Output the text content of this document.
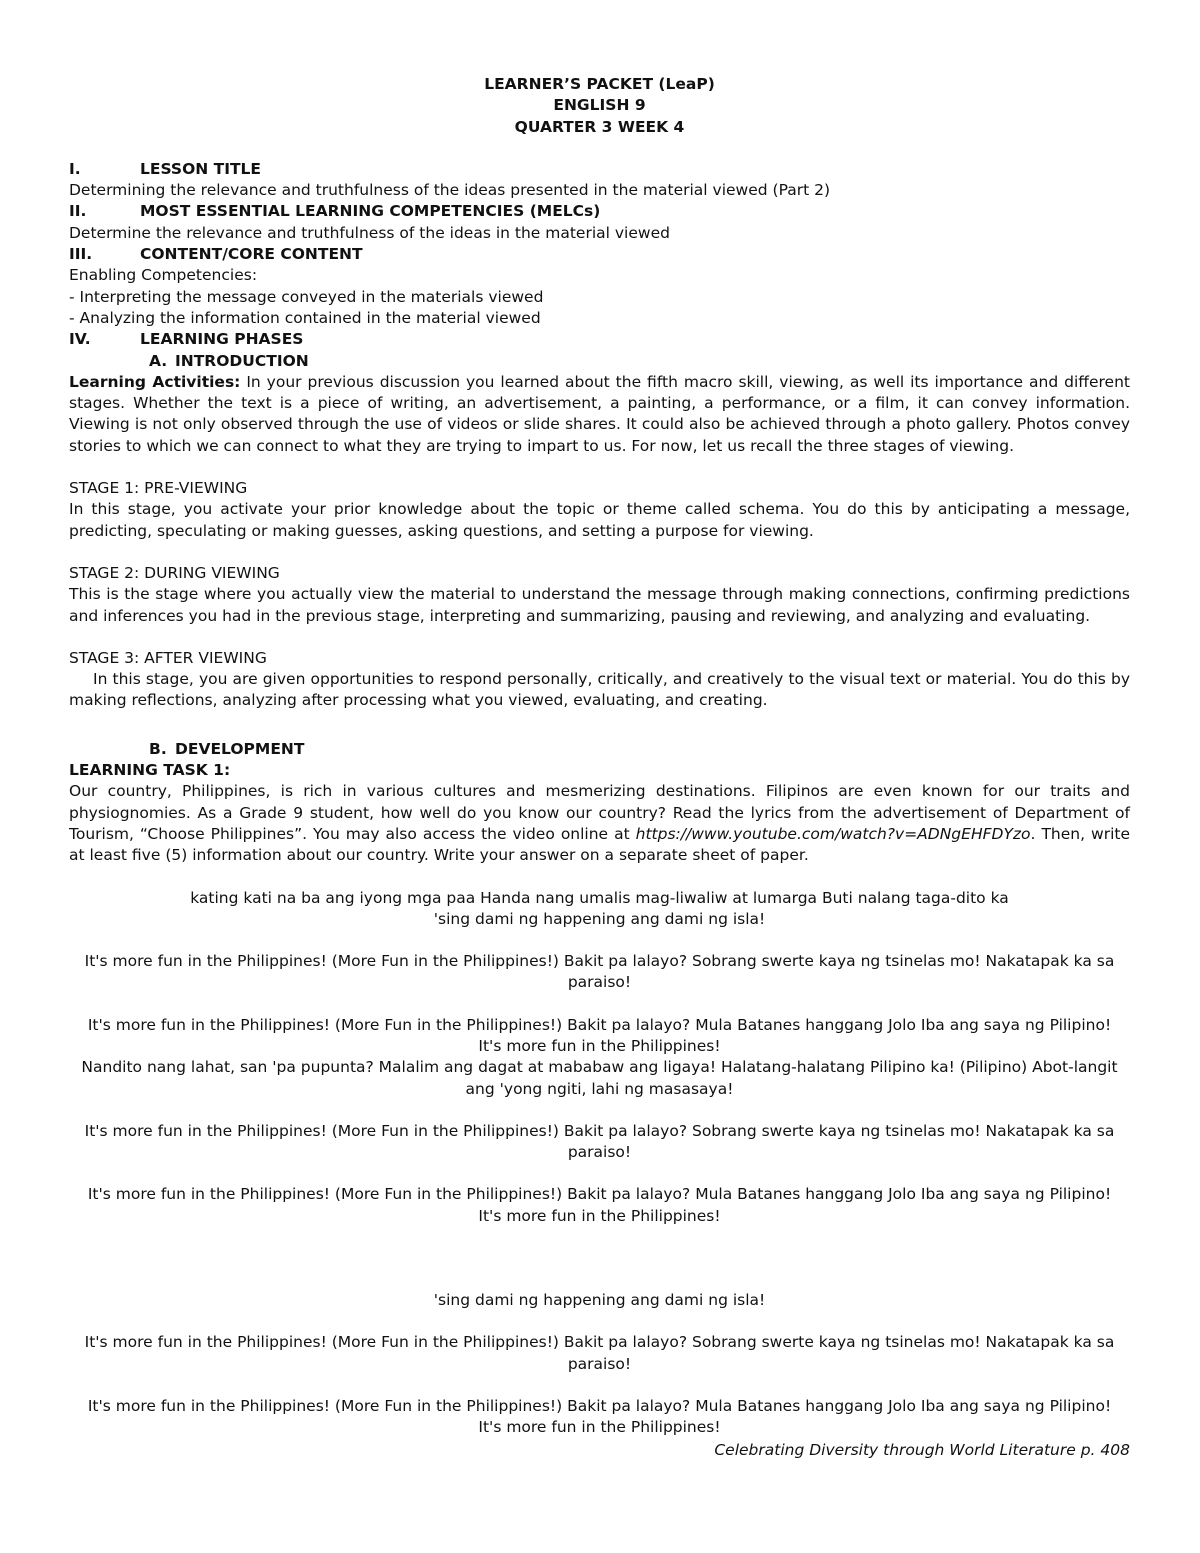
LEARNER’S PACKET (LeaP)

ENGLISH 9

QUARTER 3 WEEK 4

I.	LESSON TITLE

Determining the relevance and truthfulness of the ideas presented in the material viewed (Part 2)

II.	MOST ESSENTIAL LEARNING COMPETENCIES (MELCs)

Determine the relevance and truthfulness of the ideas in the material viewed

III.	CONTENT/CORE CONTENT

Enabling Competencies:

- Interpreting the message conveyed in the materials viewed

- Analyzing the information contained in the material viewed

IV.	LEARNING PHASES

A. INTRODUCTION

Learning Activities: In your previous discussion you learned about the fifth macro skill, viewing, as well its importance and different stages. Whether the text is a piece of writing, an advertisement, a painting, a performance, or a film, it can convey information. Viewing is not only observed through the use of videos or slide shares. It could also be achieved through a photo gallery. Photos convey stories to which we can connect to what they are trying to impart to us. For now, let us recall the three stages of viewing.

STAGE 1: PRE-VIEWING

In this stage, you activate your prior knowledge about the topic or theme called schema. You do this by anticipating a message, predicting, speculating or making guesses, asking questions, and setting a purpose for viewing.

STAGE 2: DURING VIEWING

This is the stage where you actually view the material to understand the message through making connections, confirming predictions and inferences you had in the previous stage, interpreting and summarizing, pausing and reviewing, and analyzing and evaluating.

STAGE 3: AFTER VIEWING

In this stage, you are given opportunities to respond personally, critically, and creatively to the visual text or material. You do this by making reflections, analyzing after processing what you viewed, evaluating, and creating.

B. DEVELOPMENT

LEARNING TASK 1:

Our country, Philippines, is rich in various cultures and mesmerizing destinations. Filipinos are even known for our traits and physiognomies. As a Grade 9 student, how well do you know our country? Read the lyrics from the advertisement of Department of Tourism, “Choose Philippines”. You may also access the video online at https://www.youtube.com/watch?v=ADNgEHFDYzo. Then, write at least five (5) information about our country. Write your answer on a separate sheet of paper.

kating kati na ba ang iyong mga paa Handa nang umalis mag-liwaliw at lumarga Buti nalang taga-dito ka

'sing dami ng happening ang dami ng isla!

It's more fun in the Philippines! (More Fun in the Philippines!) Bakit pa lalayo? Sobrang swerte kaya ng tsinelas mo! Nakatapak ka sa paraiso!

It's more fun in the Philippines! (More Fun in the Philippines!) Bakit pa lalayo? Mula Batanes hanggang Jolo Iba ang saya ng Pilipino!

It's more fun in the Philippines!

Nandito nang lahat, san 'pa pupunta? Malalim ang dagat at mababaw ang ligaya! Halatang-halatang Pilipino ka! (Pilipino) Abot-langit ang 'yong ngiti, lahi ng masasaya!

It's more fun in the Philippines! (More Fun in the Philippines!) Bakit pa lalayo? Sobrang swerte kaya ng tsinelas mo! Nakatapak ka sa paraiso!

It's more fun in the Philippines! (More Fun in the Philippines!) Bakit pa lalayo? Mula Batanes hanggang Jolo Iba ang saya ng Pilipino!

It's more fun in the Philippines!

'sing dami ng happening ang dami ng isla!

It's more fun in the Philippines! (More Fun in the Philippines!) Bakit pa lalayo? Sobrang swerte kaya ng tsinelas mo! Nakatapak ka sa paraiso!

It's more fun in the Philippines! (More Fun in the Philippines!) Bakit pa lalayo? Mula Batanes hanggang Jolo Iba ang saya ng Pilipino!

It's more fun in the Philippines!

Celebrating Diversity through World Literature p. 408
